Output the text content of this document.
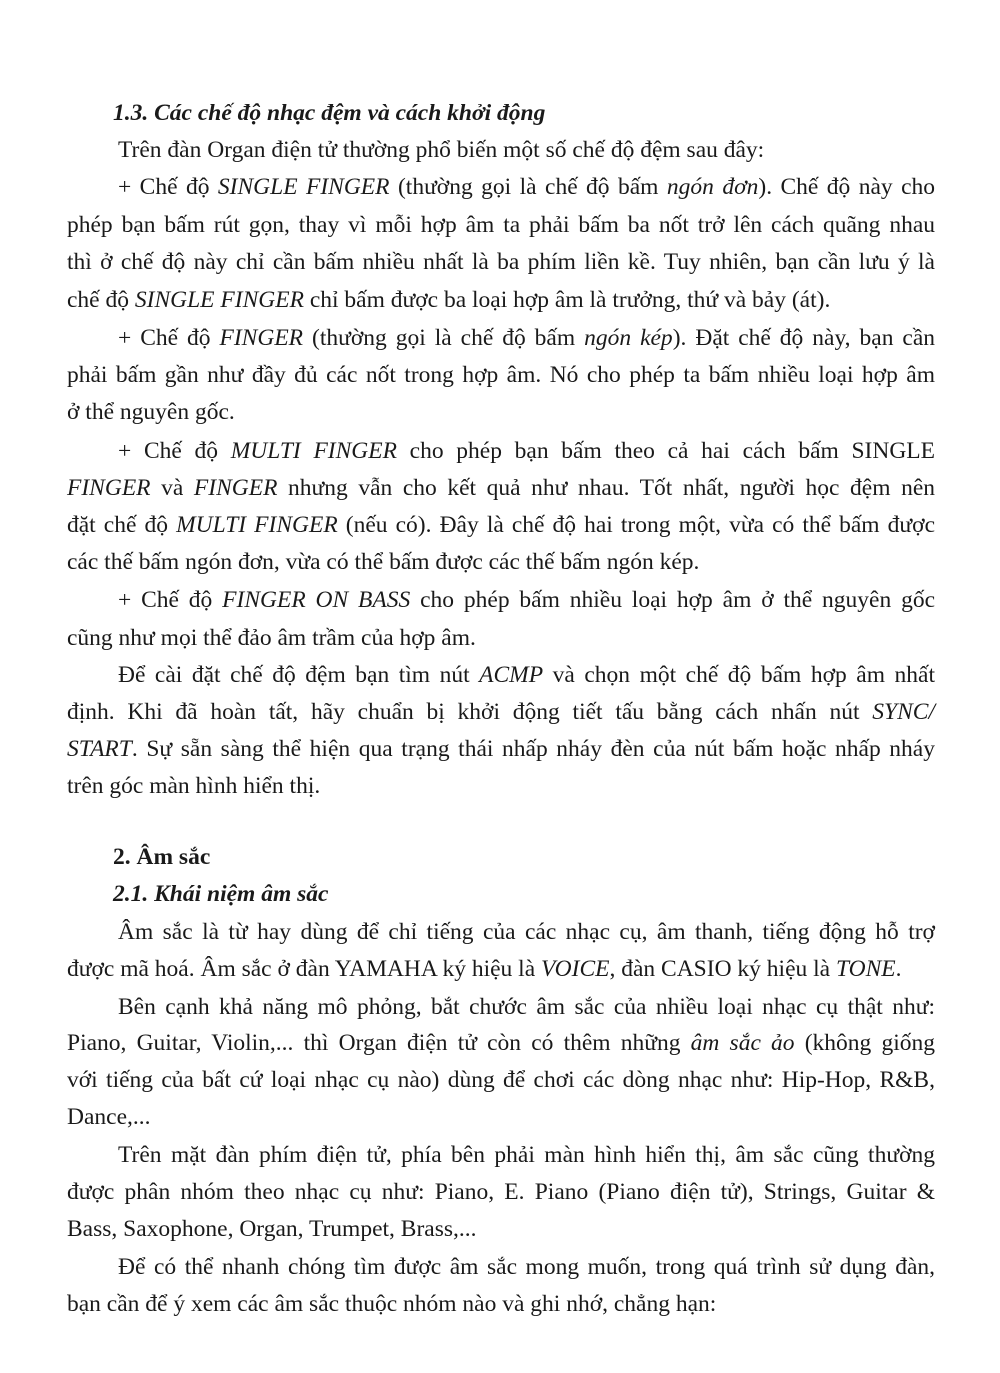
1.3. Các chế độ nhạc đệm và cách khởi động
Trên đàn Organ điện tử thường phổ biến một số chế độ đệm sau đây:
+ Chế độ SINGLE FINGER (thường gọi là chế độ bấm ngón đơn). Chế độ này cho
phép bạn bấm rút gọn, thay vì mỗi hợp âm ta phải bấm ba nốt trở lên cách quãng nhau
thì ở chế độ này chỉ cần bấm nhiều nhất là ba phím liền kề. Tuy nhiên, bạn cần lưu ý là
chế độ SINGLE FINGER chỉ bấm được ba loại hợp âm là trưởng, thứ và bảy (át).
+ Chế độ FINGER (thường gọi là chế độ bấm ngón kép). Đặt chế độ này, bạn cần
phải bấm gần như đầy đủ các nốt trong hợp âm. Nó cho phép ta bấm nhiều loại hợp âm
ở thể nguyên gốc.
+ Chế độ MULTI FINGER cho phép bạn bấm theo cả hai cách bấm SINGLE
FINGER và FINGER nhưng vẫn cho kết quả như nhau. Tốt nhất, người học đệm nên
đặt chế độ MULTI FINGER (nếu có). Đây là chế độ hai trong một, vừa có thể bấm được
các thế bấm ngón đơn, vừa có thể bấm được các thế bấm ngón kép.
+ Chế độ FINGER ON BASS cho phép bấm nhiều loại hợp âm ở thể nguyên gốc
cũng như mọi thể đảo âm trầm của hợp âm.
Để cài đặt chế độ đệm bạn tìm nút ACMP và chọn một chế độ bấm hợp âm nhất
định. Khi đã hoàn tất, hãy chuẩn bị khởi động tiết tấu bằng cách nhấn nút SYNC/
START. Sự sẵn sàng thể hiện qua trạng thái nhấp nháy đèn của nút bấm hoặc nhấp nháy
trên góc màn hình hiển thị.
2. Âm sắc
2.1. Khái niệm âm sắc
Âm sắc là từ hay dùng để chỉ tiếng của các nhạc cụ, âm thanh, tiếng động hỗ trợ
được mã hoá. Âm sắc ở đàn YAMAHA ký hiệu là VOICE, đàn CASIO ký hiệu là TONE.
Bên cạnh khả năng mô phỏng, bắt chước âm sắc của nhiều loại nhạc cụ thật như:
Piano, Guitar, Violin,... thì Organ điện tử còn có thêm những âm sắc ảo (không giống
với tiếng của bất cứ loại nhạc cụ nào) dùng để chơi các dòng nhạc như: Hip-Hop, R&B,
Dance,...
Trên mặt đàn phím điện tử, phía bên phải màn hình hiển thị, âm sắc cũng thường
được phân nhóm theo nhạc cụ như: Piano, E. Piano (Piano điện tử), Strings, Guitar &
Bass, Saxophone, Organ, Trumpet, Brass,...
Để có thể nhanh chóng tìm được âm sắc mong muốn, trong quá trình sử dụng đàn,
bạn cần để ý xem các âm sắc thuộc nhóm nào và ghi nhớ, chẳng hạn:
